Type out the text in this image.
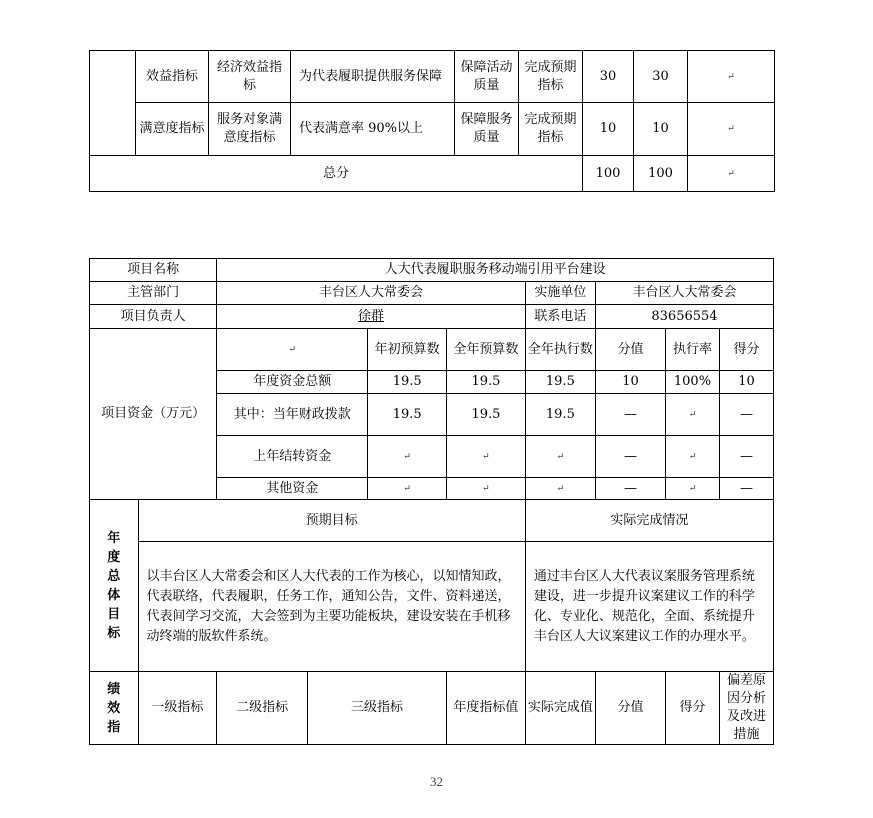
	效益指标	经济效益指标	为代表履职提供服务保障	保障活动质量	完成预期指标	30	30	↵
	满意度指标	服务对象满意度指标	代表满意率 90%以上	保障服务质量	完成预期指标	10	10	↵
总分						100	100	↵
项目名称		人大代表履职服务移动端引用平台建设							
主管部门		丰台区人大常委会				实施单位	丰台区人大常委会		
项目负责人		徐群				联系电话	83656554		
项目资金（万元）		↵		年初预算数	全年预算数	全年执行数	分值	执行率	得分
		年度资金总额		19.5	19.5	19.5	10	100%	10
		其中：当年财政拨款		19.5	19.5	19.5	—	↵	—
		上年结转资金		↵	↵	↵	—	↵	—
		其他资金		↵	↵	↵	—	↵	—

年度总体目标	预期目标					实际完成情况			
	以丰台区人大常委会和区人大代表的工作为核心，以知情知政，代表联络，代表履职，任务工作，通知公告，文件、资料递送，代表间学习交流，大会签到为主要功能板块，建设安装在手机移动终端的版软件系统。					通过丰台区人大代表议案服务管理系统建设，进一步提升议案建议工作的科学化、专业化、规范化，全面、系统提升丰台区人大议案建议工作的办理水平。			

绩效指	一级指标	二级指标	三级指标		年度指标值	实际完成值	分值	得分	偏差原因分析及改进措施
32
